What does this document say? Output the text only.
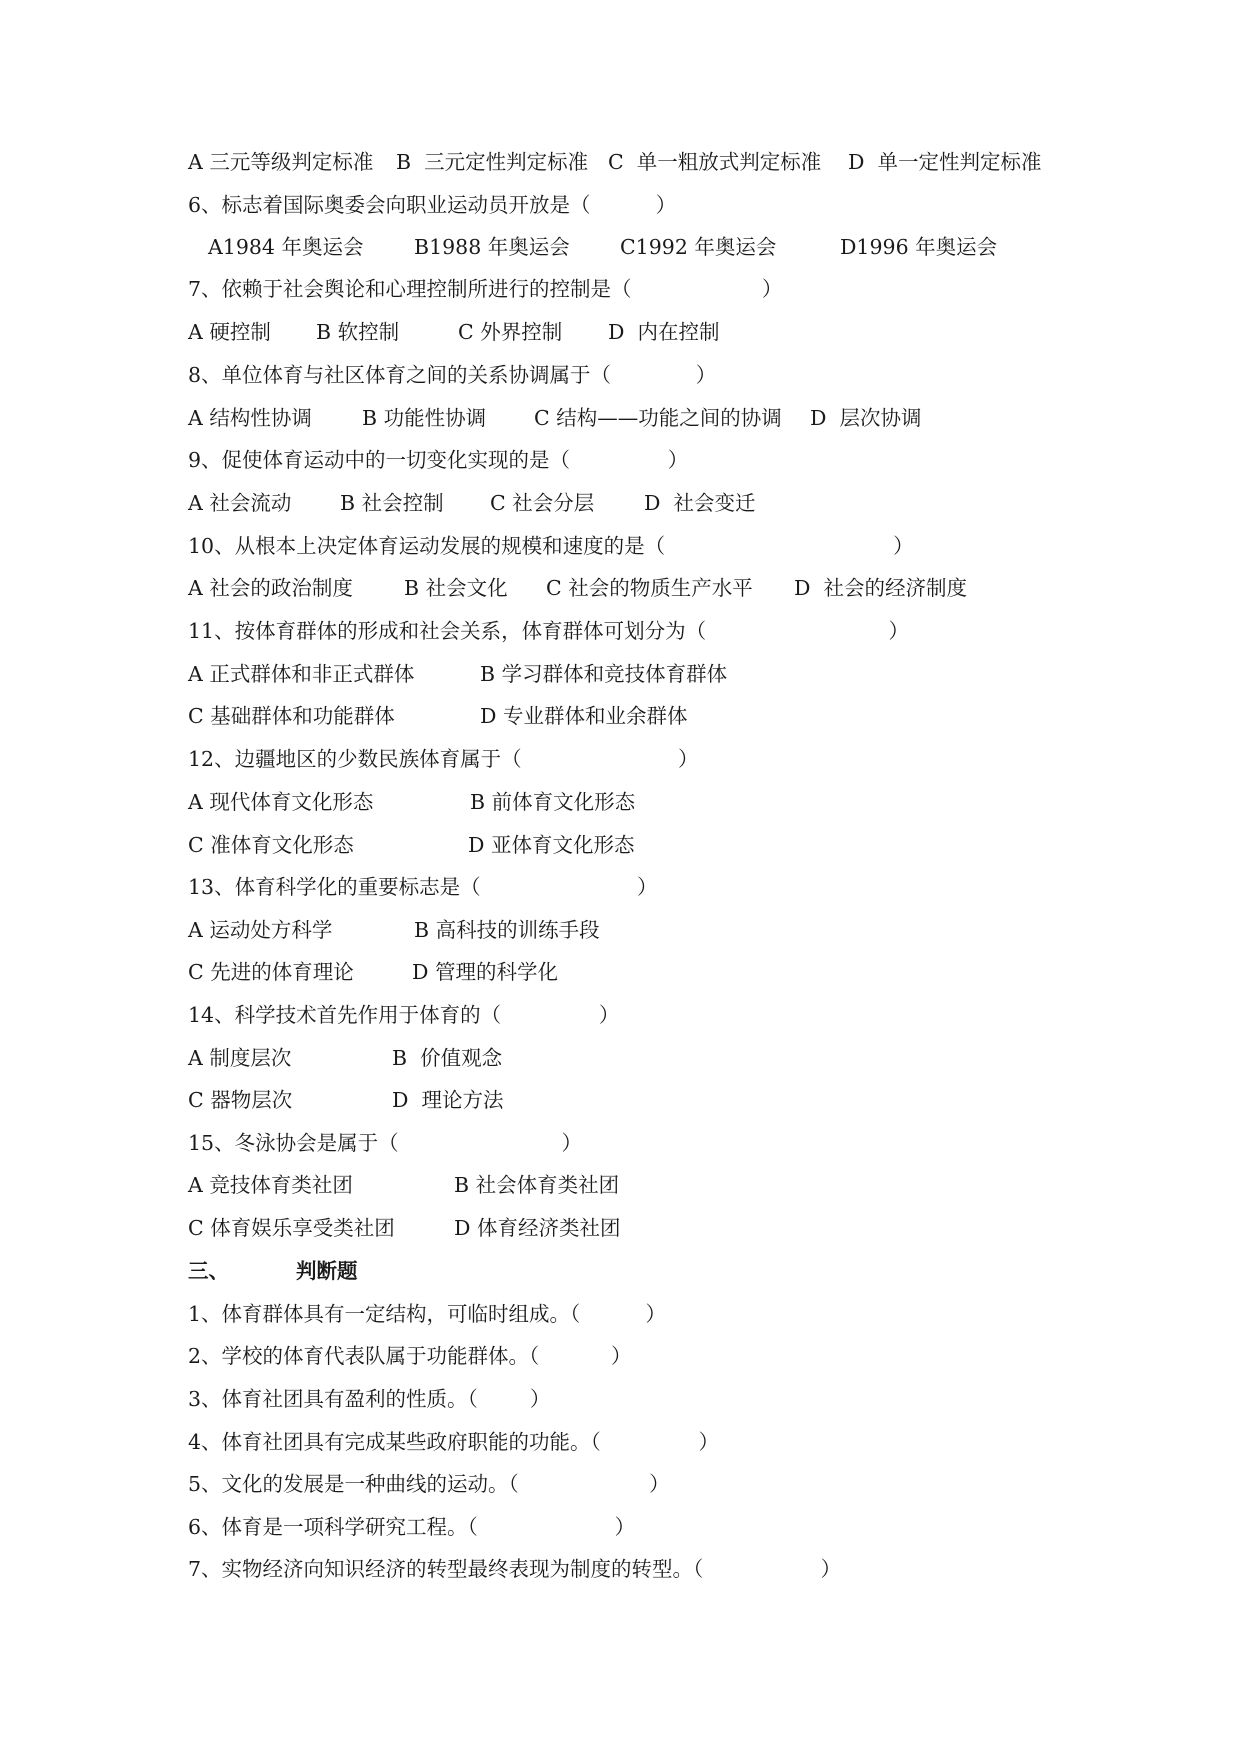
A 三元等级判定标准

B  三元定性判定标准

C  单一粗放式判定标准

D  单一定性判定标准

6、标志着国际奥委会向职业运动员开放是（          ）

A1984 年奥运会

B1988 年奥运会

C1992 年奥运会

	D1996 年奥运会

7、依赖于社会舆论和心理控制所进行的控制是（                    ）

A 硬控制

B 软控制

	C 外界控制

D  内在控制

8、单位体育与社区体育之间的关系协调属于（             ）

A 结构性协调

B 功能性协调

C 结构——功能之间的协调

D  层次协调

9、促使体育运动中的一切变化实现的是（               ）

A 社会流动

B 社会控制

C 社会分层

D  社会变迁

10、从根本上决定体育运动发展的规模和速度的是（                                   ）

A 社会的政治制度

B 社会文化

C 社会的物质生产水平

D  社会的经济制度

11、按体育群体的形成和社会关系，体育群体可划分为（                            ）

A 正式群体和非正式群体

	B 学习群体和竞技体育群体

C 基础群体和功能群体

	D 专业群体和业余群体

12、边疆地区的少数民族体育属于（                        ）

A 现代体育文化形态

	B 前体育文化形态

C 准体育文化形态

	D 亚体育文化形态

13、体育科学化的重要标志是（                        ）

A 运动处方科学

	B 高科技的训练手段

C 先进的体育理论

	D 管理的科学化

14、科学技术首先作用于体育的（               ）

A 制度层次

	B  价值观念

C 器物层次

	D  理论方法

15、冬泳协会是属于（                         ）

A 竞技体育类社团

	B 社会体育类社团

C 体育娱乐享受类社团

	D 体育经济类社团

三、

	判断题

1、体育群体具有一定结构，可临时组成。（          ）
2、学校的体育代表队属于功能群体。（           ）
3、体育社团具有盈利的性质。（        ）
4、体育社团具有完成某些政府职能的功能。（               ）
5、文化的发展是一种曲线的运动。（                    ）
6、体育是一项科学研究工程。（                     ）
7、实物经济向知识经济的转型最终表现为制度的转型。（                  ）
